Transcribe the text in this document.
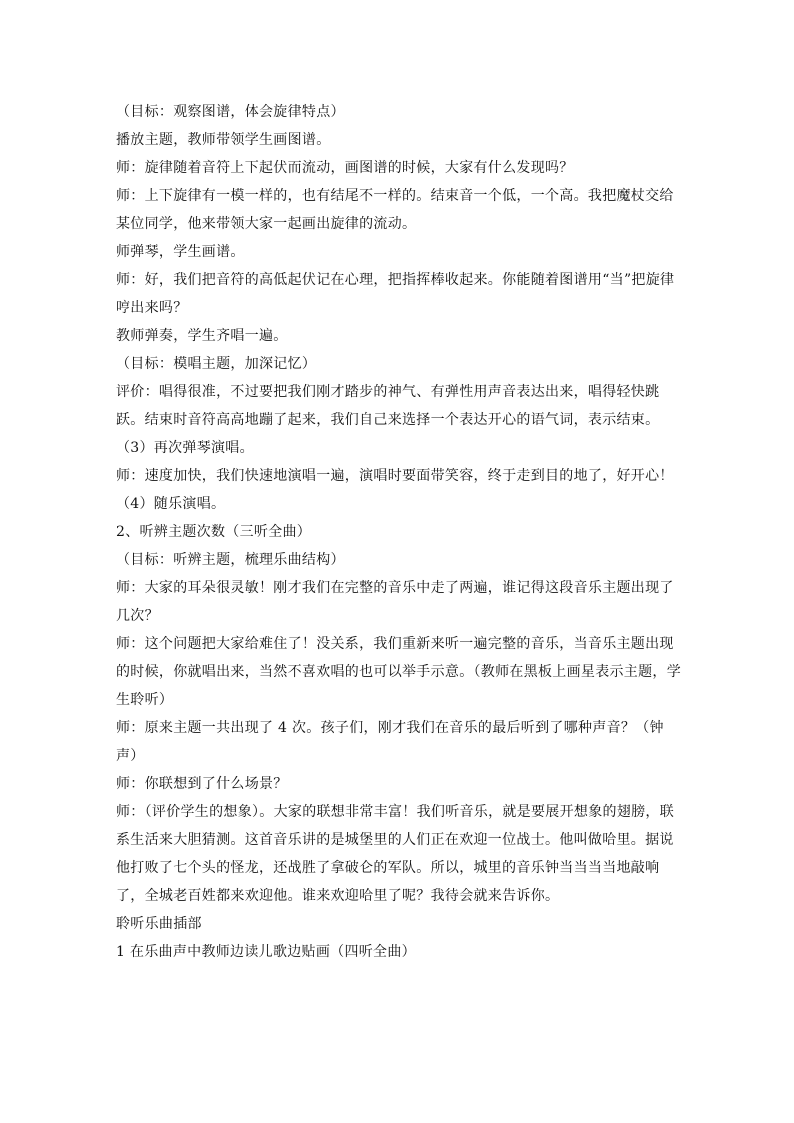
（目标：观察图谱，体会旋律特点）

播放主题，教师带领学生画图谱。

师：旋律随着音符上下起伏而流动，画图谱的时候，大家有什么发现吗？

师：上下旋律有一模一样的，也有结尾不一样的。结束音一个低，一个高。我把魔杖交给某位同学，他来带领大家一起画出旋律的流动。

师弹琴，学生画谱。

师：好，我们把音符的高低起伏记在心理，把指挥棒收起来。你能随着图谱用“当”把旋律哼出来吗？

教师弹奏，学生齐唱一遍。

（目标：模唱主题，加深记忆）

评价：唱得很准，不过要把我们刚才踏步的神气、有弹性用声音表达出来，唱得轻快跳跃。结束时音符高高地蹦了起来，我们自己来选择一个表达开心的语气词，表示结束。

（3）再次弹琴演唱。

师：速度加快，我们快速地演唱一遍，演唱时要面带笑容，终于走到目的地了，好开心！

（4）随乐演唱。

2、听辨主题次数（三听全曲）

（目标：听辨主题，梳理乐曲结构）

师：大家的耳朵很灵敏！刚才我们在完整的音乐中走了两遍，谁记得这段音乐主题出现了几次？

师：这个问题把大家给难住了！没关系，我们重新来听一遍完整的音乐，当音乐主题出现的时候，你就唱出来，当然不喜欢唱的也可以举手示意。（教师在黑板上画星表示主题，学生聆听）

师：原来主题一共出现了 4 次。孩子们，刚才我们在音乐的最后听到了哪种声音？（钟声）

师：你联想到了什么场景？

师：（评价学生的想象）。大家的联想非常丰富！我们听音乐，就是要展开想象的翅膀，联系生活来大胆猜测。这首音乐讲的是城堡里的人们正在欢迎一位战士。他叫做哈里。据说他打败了七个头的怪龙，还战胜了拿破仑的军队。所以，城里的音乐钟当当当当地敲响了，全城老百姓都来欢迎他。谁来欢迎哈里了呢？我待会就来告诉你。

聆听乐曲插部

1 在乐曲声中教师边读儿歌边贴画（四听全曲）
